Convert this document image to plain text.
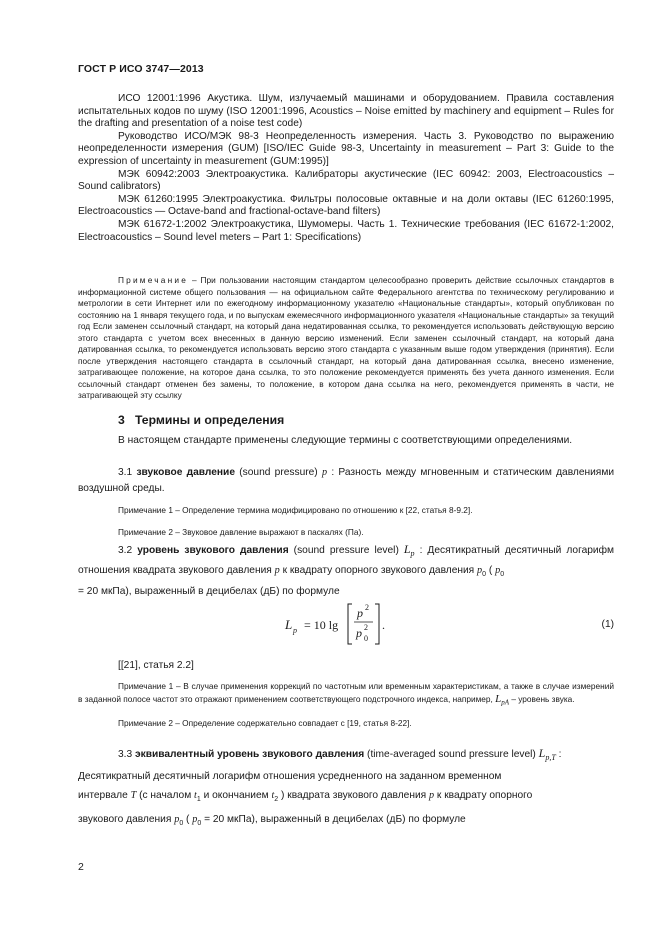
ГОСТ Р ИСО 3747—2013

ИСО 12001:1996 Акустика. Шум, излучаемый машинами и оборудованием. Правила составления испытательных кодов по шуму (ISO 12001:1996, Acoustics – Noise emitted by machinery and equipment – Rules for the drafting and presentation of a noise test code)

Руководство ИСО/МЭК 98-3 Неопределенность измерения. Часть 3. Руководство по выражению неопределенности измерения (GUM) [ISO/IEC Guide 98-3, Uncertainty in measurement – Part 3: Guide to the expression of uncertainty in measurement (GUM:1995)]

МЭК 60942:2003 Электроакустика. Калибраторы акустические (IEC 60942: 2003, Electroacoustics – Sound calibrators)

МЭК 61260:1995 Электроакустика. Фильтры полосовые октавные и на доли октавы (IEC 61260:1995, Electroacoustics — Octave-band and fractional-octave-band filters)

МЭК 61672-1:2002 Электроакустика, Шумомеры. Часть 1. Технические требования (IEC 61672-1:2002, Electroacoustics – Sound level meters – Part 1: Specifications)

Примечание – При пользовании настоящим стандартом целесообразно проверить действие ссылочных стандартов в информационной системе общего пользования — на официальном сайте Федерального агентства по техническому регулированию и метрологии в сети Интернет или по ежегодному информационному указателю «Национальные стандарты», который опубликован по состоянию на 1 января текущего года, и по выпускам ежемесячного информационного указателя «Национальные стандарты» за текущий год Если заменен ссылочный стандарт, на который дана недатированная ссылка, то рекомендуется использовать действующую версию этого стандарта с учетом всех внесенных в данную версию изменений. Если заменен ссылочный стандарт, на который дана датированная ссылка, то рекомендуется использовать версию этого стандарта с указанным выше годом утверждения (принятия). Если после утверждения настоящего стандарта в ссылочный стандарт, на который дана датированная ссылка, внесено изменение, затрагивающее положение, на которое дана ссылка, то это положение рекомендуется применять без учета данного изменения. Если ссылочный стандарт отменен без замены, то положение, в котором дана ссылка на него, рекомендуется применять в части, не затрагивающей эту ссылку

3 Термины и определения

В настоящем стандарте применены следующие термины с соответствующими определениями.

3.1 звуковое давление (sound pressure) p : Разность между мгновенным и статическим давлениями воздушной среды.

Примечание 1 – Определение термина модифицировано по отношению к [22, статья 8-9.2].

Примечание 2 – Звуковое давление выражают в паскалях (Па).

3.2 уровень звукового давления (sound pressure level) $L_p$ : Десятикратный десятичный логарифм отношения квадрата звукового давления p к квадрату опорного звукового давления $p_0$ ( $p_0$
= 20 мкПа), выраженный в децибелах (дБ) по формуле

L p = 10 lg
p 2
p 2
0
.	(1)

[[21], статья 2.2]

Примечание 1 – В случае применения коррекций по частотным или временным характеристикам, а также в случае измерений в заданной полосе частот это отражают применением соответствующего подстрочного индекса, например, $L_{pA}$ – уровень звука.

Примечание 2 – Определение содержательно совпадает с [19, статья 8-22].

3.3 эквивалентный уровень звукового давления (time-averaged sound pressure level) $L_{p,T}$ :

Десятикратный десятичный логарифм отношения усредненного на заданном временном

интервале T (с началом $t_1$ и окончанием $t_2$ ) квадрата звукового давления p к квадрату опорного

звукового давления $p_0$ ( $p_0 = 20$ мкПа), выраженный в децибелах (дБ) по формуле

2
